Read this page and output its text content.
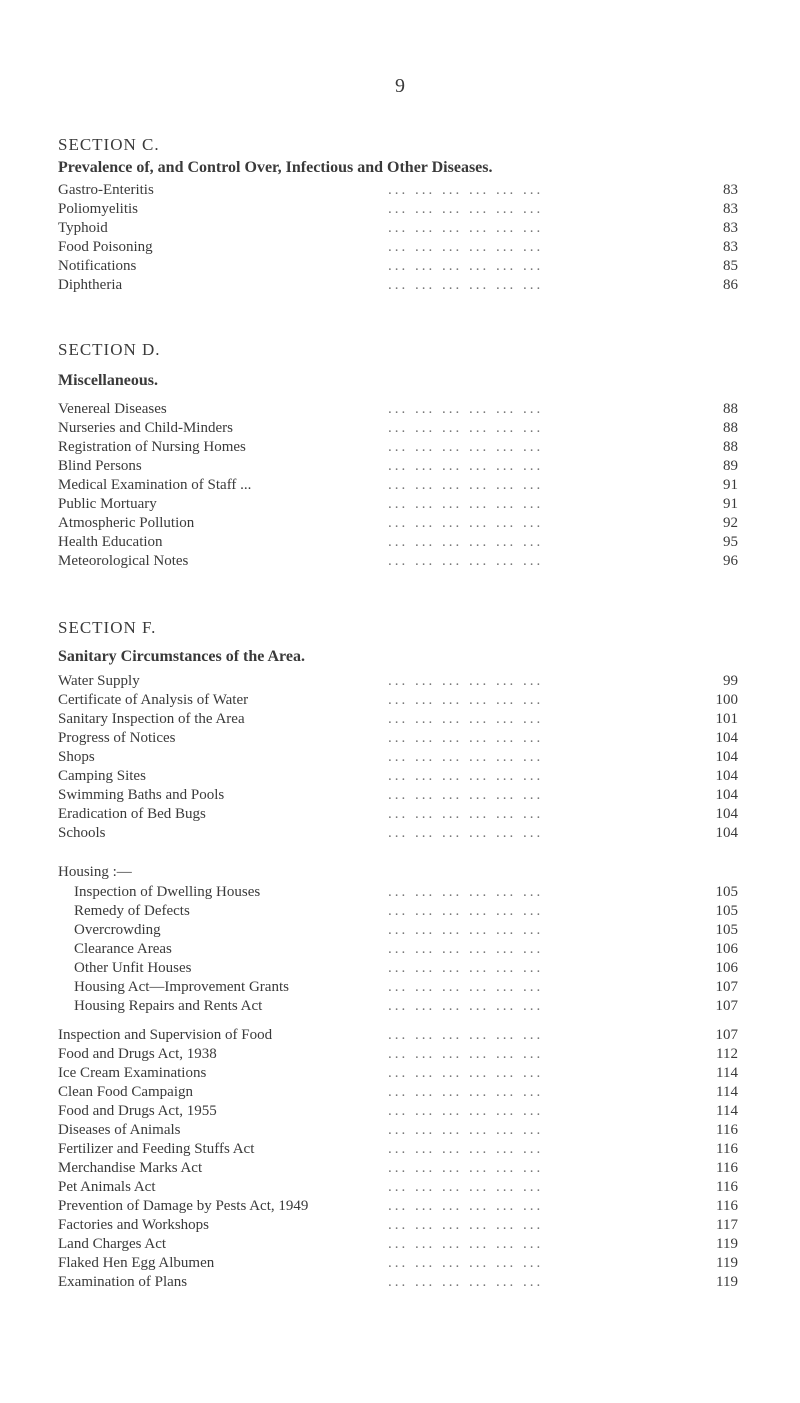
9
SECTION C.
Prevalence of, and Control Over, Infectious and Other Diseases.
Gastro-Enteritis	... ... ... ... ... ...	83
Poliomyelitis	... ... ... ... ... ...	83
Typhoid	... ... ... ... ... ...	83
Food Poisoning	... ... ... ... ... ...	83
Notifications	... ... ... ... ... ...	85
Diphtheria	... ... ... ... ... ...	86
SECTION D.
Miscellaneous.
Venereal Diseases	... ... ... ... ... ...	88
Nurseries and Child-Minders	... ... ... ... ... ...	88
Registration of Nursing Homes	... ... ... ... ... ...	88
Blind Persons	... ... ... ... ... ...	89
Medical Examination of Staff ...	... ... ... ... ... ...	91
Public Mortuary	... ... ... ... ... ...	91
Atmospheric Pollution	... ... ... ... ... ...	92
Health Education	... ... ... ... ... ...	95
Meteorological Notes	... ... ... ... ... ...	96
SECTION F.
Sanitary Circumstances of the Area.
Water Supply	... ... ... ... ... ...	99
Certificate of Analysis of Water	... ... ... ... ... ...	100
Sanitary Inspection of the Area	... ... ... ... ... ...	101
Progress of Notices	... ... ... ... ... ...	104
Shops	... ... ... ... ... ...	104
Camping Sites	... ... ... ... ... ...	104
Swimming Baths and Pools	... ... ... ... ... ...	104
Eradication of Bed Bugs	... ... ... ... ... ...	104
Schools	... ... ... ... ... ...	104
Housing :—
Inspection of Dwelling Houses	... ... ... ... ... ...	105
Remedy of Defects	... ... ... ... ... ...	105
Overcrowding	... ... ... ... ... ...	105
Clearance Areas	... ... ... ... ... ...	106
Other Unfit Houses	... ... ... ... ... ...	106
Housing Act—Improvement Grants	... ... ... ... ... ...	107
Housing Repairs and Rents Act	... ... ... ... ... ...	107
Inspection and Supervision of Food	... ... ... ... ... ...	107
Food and Drugs Act, 1938	... ... ... ... ... ...	112
Ice Cream Examinations	... ... ... ... ... ...	114
Clean Food Campaign	... ... ... ... ... ...	114
Food and Drugs Act, 1955	... ... ... ... ... ...	114
Diseases of Animals	... ... ... ... ... ...	116
Fertilizer and Feeding Stuffs Act	... ... ... ... ... ...	116
Merchandise Marks Act	... ... ... ... ... ...	116
Pet Animals Act	... ... ... ... ... ...	116
Prevention of Damage by Pests Act, 1949	... ... ... ... ... ...	116
Factories and Workshops	... ... ... ... ... ...	117
Land Charges Act	... ... ... ... ... ...	119
Flaked Hen Egg Albumen	... ... ... ... ... ...	119
Examination of Plans	... ... ... ... ... ...	119
